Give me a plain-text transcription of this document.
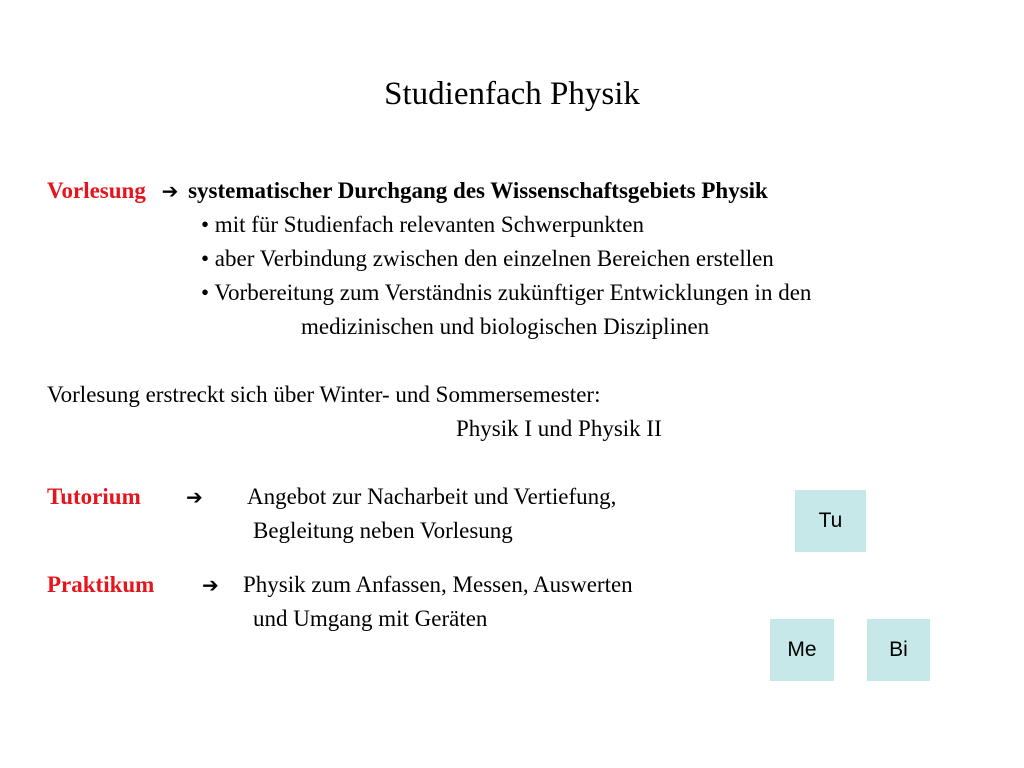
Studienfach Physik
Vorlesung ➔ systematischer Durchgang des Wissenschaftsgebiets Physik
• mit für Studienfach relevanten Schwerpunkten
• aber Verbindung zwischen den einzelnen Bereichen erstellen
• Vorbereitung zum Verständnis zukünftiger Entwicklungen in den
medizinischen und biologischen Disziplinen
Vorlesung erstreckt sich über Winter- und Sommersemester:
Physik I und Physik II
Tutorium ➔ Angebot zur Nacharbeit und Vertiefung,
Begleitung neben Vorlesung
Praktikum ➔ Physik zum Anfassen, Messen, Auswerten
und Umgang mit Geräten
Tu
Me	Bi
